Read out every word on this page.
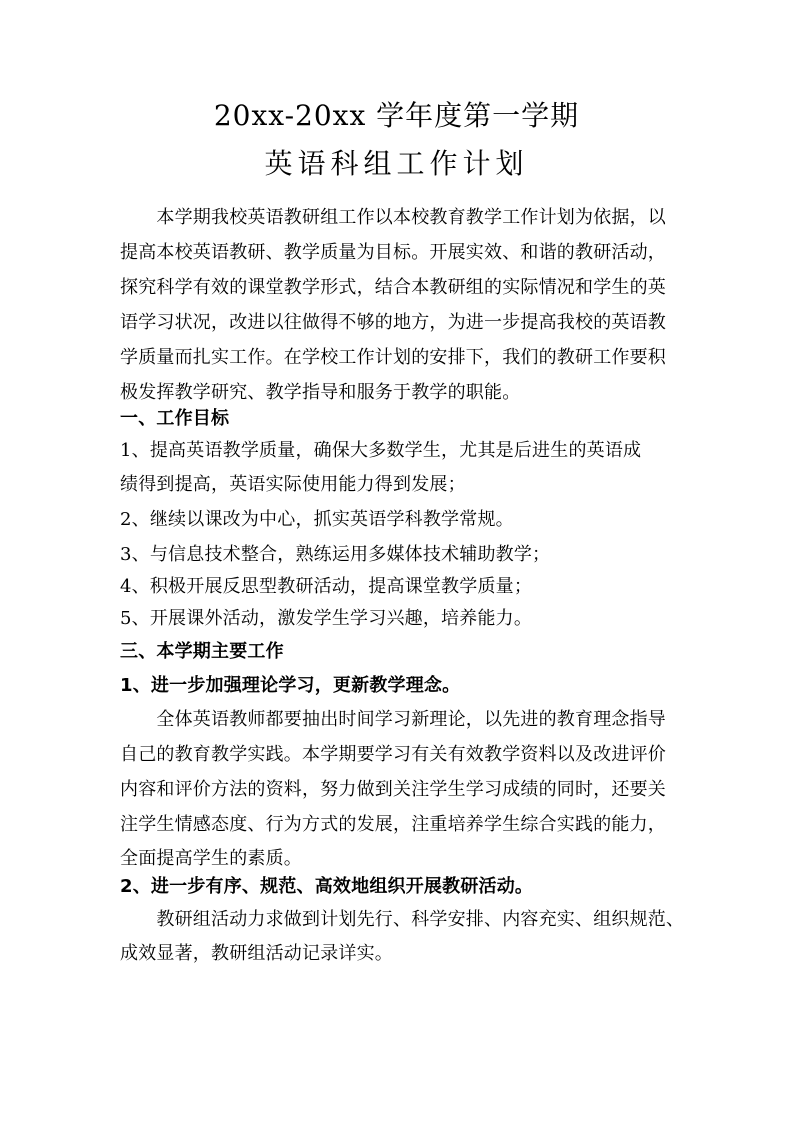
20xx-20xx 学年度第一学期
英语科组工作计划
　　本学期我校英语教研组工作以本校教育教学工作计划为依据，以
提高本校英语教研、教学质量为目标。开展实效、和谐的教研活动，
探究科学有效的课堂教学形式，结合本教研组的实际情况和学生的英
语学习状况，改进以往做得不够的地方，为进一步提高我校的英语教
学质量而扎实工作。在学校工作计划的安排下，我们的教研工作要积
极发挥教学研究、教学指导和服务于教学的职能。
一、工作目标
1、提高英语教学质量，确保大多数学生，尤其是后进生的英语成
绩得到提高，英语实际使用能力得到发展；
2、继续以课改为中心，抓实英语学科教学常规。
3、与信息技术整合，熟练运用多媒体技术辅助教学；
4、积极开展反思型教研活动，提高课堂教学质量；
5、开展课外活动，激发学生学习兴趣，培养能力。
三、本学期主要工作
1、进一步加强理论学习，更新教学理念。
　　全体英语教师都要抽出时间学习新理论，以先进的教育理念指导
自己的教育教学实践。本学期要学习有关有效教学资料以及改进评价
内容和评价方法的资料，努力做到关注学生学习成绩的同时，还要关
注学生情感态度、行为方式的发展，注重培养学生综合实践的能力，
全面提高学生的素质。
2、进一步有序、规范、高效地组织开展教研活动。
　　教研组活动力求做到计划先行、科学安排、内容充实、组织规范、
成效显著，教研组活动记录详实。
